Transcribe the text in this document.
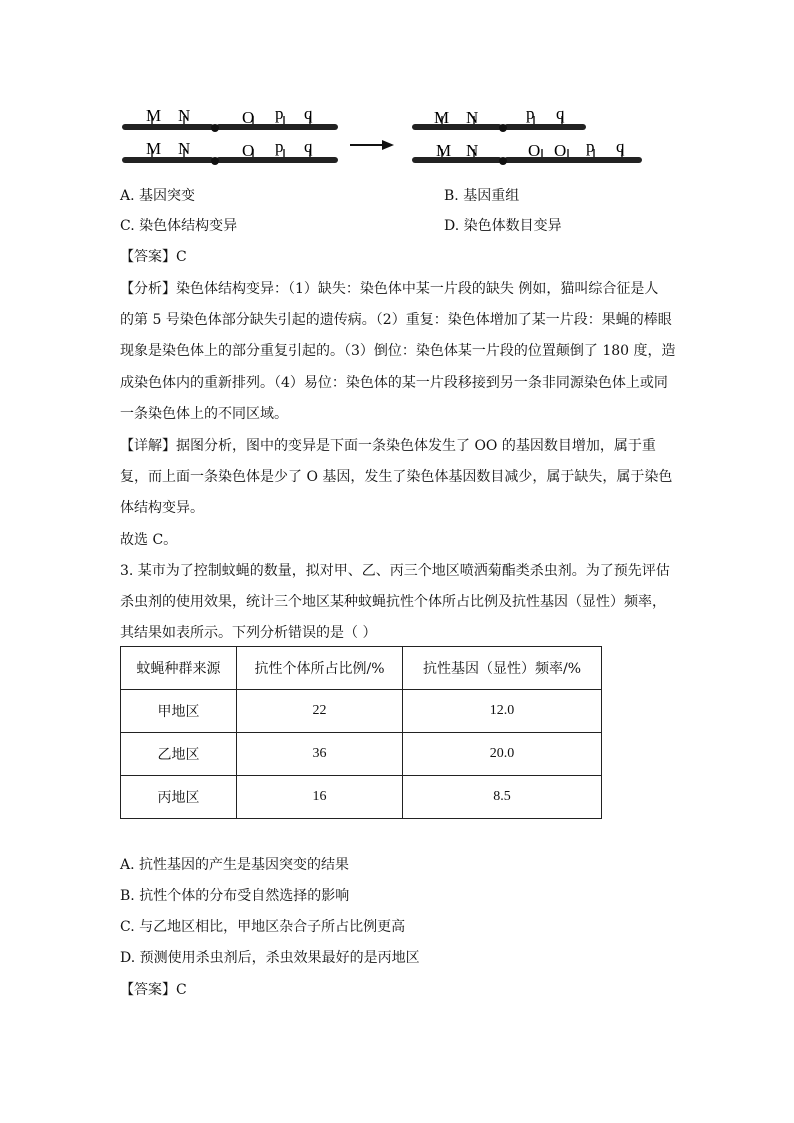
M N	O p q
M N	O p q
M N	p q
M N	O O p q
A. 基因突变	B. 基因重组
C. 染色体结构变异	D. 染色体数目变异
【答案】C
【分析】染色体结构变异：（1）缺失：染色体中某一片段的缺失 例如，猫叫综合征是人
的第 5 号染色体部分缺失引起的遗传病。（2）重复：染色体增加了某一片段：果蝇的棒眼
现象是染色体上的部分重复引起的。（3）倒位：染色体某一片段的位置颠倒了 180 度，造
成染色体内的重新排列。（4）易位：染色体的某一片段移接到另一条非同源染色体上或同
一条染色体上的不同区域。
【详解】据图分析，图中的变异是下面一条染色体发生了 OO 的基因数目增加，属于重
复，而上面一条染色体是少了 O 基因，发生了染色体基因数目减少，属于缺失，属于染色
体结构变异。
故选 C。
3. 某市为了控制蚊蝇的数量，拟对甲、乙、丙三个地区喷洒菊酯类杀虫剂。为了预先评估
杀虫剂的使用效果，统计三个地区某种蚊蝇抗性个体所占比例及抗性基因（显性）频率，
其结果如表所示。下列分析错误的是（ ）
蚊蝇种群来源	抗性个体所占比例/%	抗性基因（显性）频率/%
甲地区	22	12.0
乙地区	36	20.0
丙地区	16	8.5
A. 抗性基因的产生是基因突变的结果
B. 抗性个体的分布受自然选择的影响
C. 与乙地区相比，甲地区杂合子所占比例更高
D. 预测使用杀虫剂后，杀虫效果最好的是丙地区
【答案】C
